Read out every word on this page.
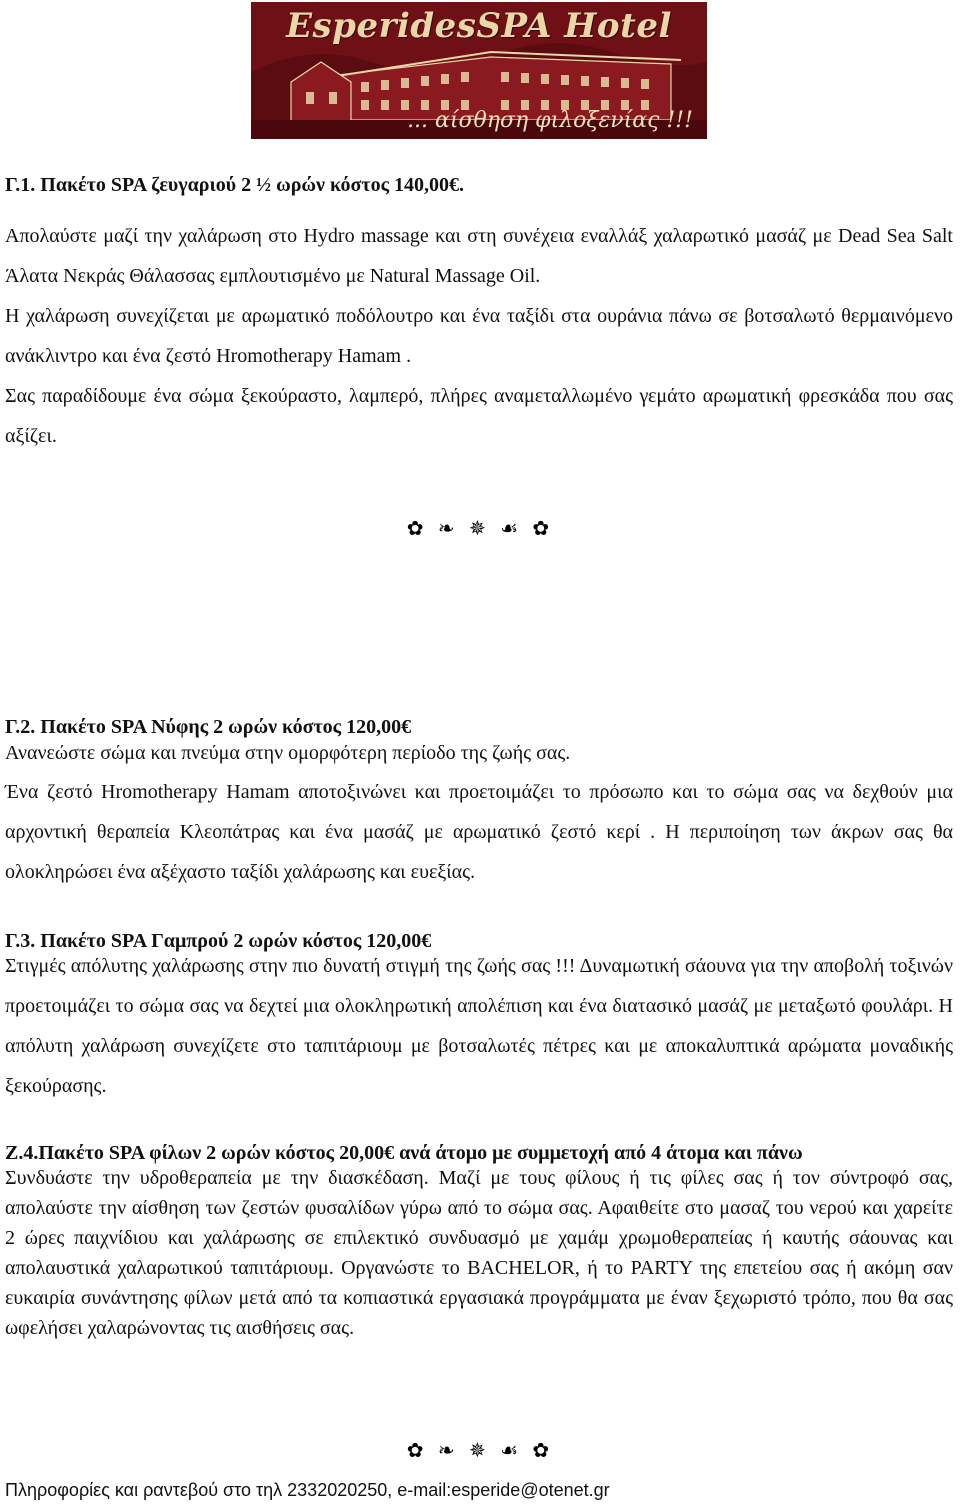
EsperidesSPA Hotel
... αίσθηση φιλοξενίας !!!
Γ.1. Πακέτο SPA ζευγαριού 2 ½ ωρών κόστος 140,00€.
Απολαύστε μαζί την χαλάρωση στο Hydro massage και στη συνέχεια εναλλάξ χαλαρωτικό μασάζ με Dead Sea Salt Άλατα Νεκράς Θάλασσας εμπλουτισμένο με Natural Massage Oil.
Η χαλάρωση συνεχίζεται με αρωματικό ποδόλουτρο και ένα ταξίδι στα ουράνια πάνω σε βοτσαλωτό θερμαινόμενο ανάκλιντρο και ένα ζεστό Hromotherapy Hamam .
Σας παραδίδουμε ένα σώμα ξεκούραστο, λαμπερό, πλήρες αναμεταλλωμένο γεμάτο αρωματική φρεσκάδα που σας αξίζει.
✿ ❧ ✵ ☙ ✿
Γ.2. Πακέτο SPA Νύφης 2 ωρών κόστος 120,00€
Ανανεώστε σώμα και πνεύμα στην ομορφότερη περίοδο της ζωής σας.
Ένα ζεστό Hromotherapy Hamam αποτοξινώνει και προετοιμάζει το πρόσωπο και το σώμα σας να δεχθούν μια αρχοντική θεραπεία Κλεοπάτρας και ένα μασάζ με αρωματικό ζεστό κερί . Η περιποίηση των άκρων σας θα ολοκληρώσει ένα αξέχαστο ταξίδι χαλάρωσης και ευεξίας.
Γ.3. Πακέτο SPA Γαμπρού 2 ωρών κόστος 120,00€
Στιγμές απόλυτης χαλάρωσης στην πιο δυνατή στιγμή της ζωής σας !!! Δυναμωτική σάουνα για την αποβολή τοξινών προετοιμάζει το σώμα σας να δεχτεί μια ολοκληρωτική απολέπιση και ένα διατασικό μασάζ με μεταξωτό φουλάρι. Η απόλυτη χαλάρωση συνεχίζετε στο ταπιτάριουμ με βοτσαλωτές πέτρες και με αποκαλυπτικά αρώματα μοναδικής ξεκούρασης.
Ζ.4.Πακέτο SPA φίλων 2 ωρών κόστος 20,00€ ανά άτομο με συμμετοχή από 4 άτομα και πάνω
Συνδυάστε την υδροθεραπεία με την διασκέδαση. Μαζί με τους φίλους ή τις φίλες σας ή τον σύντροφό σας, απολαύστε την αίσθηση των ζεστών φυσαλίδων γύρω από το σώμα σας. Αφαιθείτε στο μασαζ του νερού και χαρείτε 2 ώρες παιχνίδιου και χαλάρωσης σε επιλεκτικό συνδυασμό με χαμάμ χρωμοθεραπείας ή καυτής σάουνας και απολαυστικά χαλαρωτικού ταπιτάριουμ. Οργανώστε το BACHELOR, ή το PARTY της επετείου σας ή ακόμη σαν ευκαιρία συνάντησης φίλων μετά από τα κοπιαστικά εργασιακά προγράμματα με έναν ξεχωριστό τρόπο, που θα σας ωφελήσει χαλαρώνοντας τις αισθήσεις σας.
✿ ❧ ✵ ☙ ✿
Πληροφορίες και ραντεβού στο τηλ 2332020250, e-mail:esperide@otenet.gr
